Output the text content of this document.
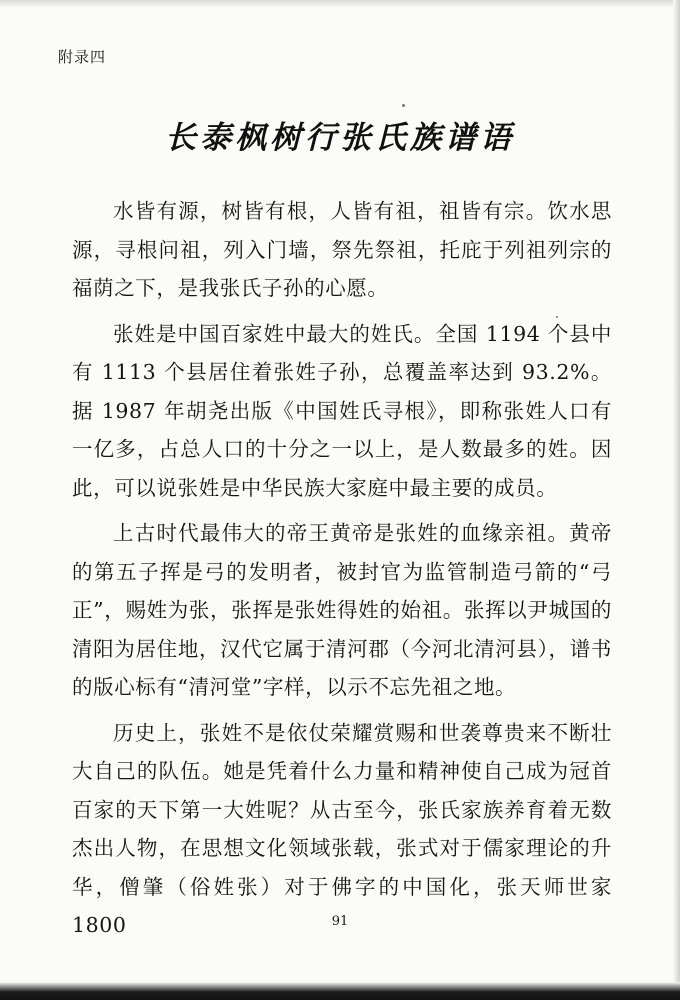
附录四
长泰枫树行张氏族谱语

水皆有源，树皆有根，人皆有祖，祖皆有宗。饮水思源，寻根问祖，列入门墙，祭先祭祖，托庇于列祖列宗的福荫之下，是我张氏子孙的心愿。

张姓是中国百家姓中最大的姓氏。全国 1194 个县中有 1113 个县居住着张姓子孙，总覆盖率达到 93.2%。据 1987 年胡尧出版《中国姓氏寻根》，即称张姓人口有一亿多，占总人口的十分之一以上，是人数最多的姓。因此，可以说张姓是中华民族大家庭中最主要的成员。

上古时代最伟大的帝王黄帝是张姓的血缘亲祖。黄帝的第五子挥是弓的发明者，被封官为监管制造弓箭的“弓正”，赐姓为张，张挥是张姓得姓的始祖。张挥以尹城国的清阳为居住地，汉代它属于清河郡（今河北清河县），谱书的版心标有“清河堂”字样，以示不忘先祖之地。

历史上，张姓不是依仗荣耀赏赐和世袭尊贵来不断壮大自己的队伍。她是凭着什么力量和精神使自己成为冠首百家的天下第一大姓呢？从古至今，张氏家族养育着无数杰出人物，在思想文化领域张载，张式对于儒家理论的升华，僧肇（俗姓张）对于佛字的中国化，张天师世家 1800	91
